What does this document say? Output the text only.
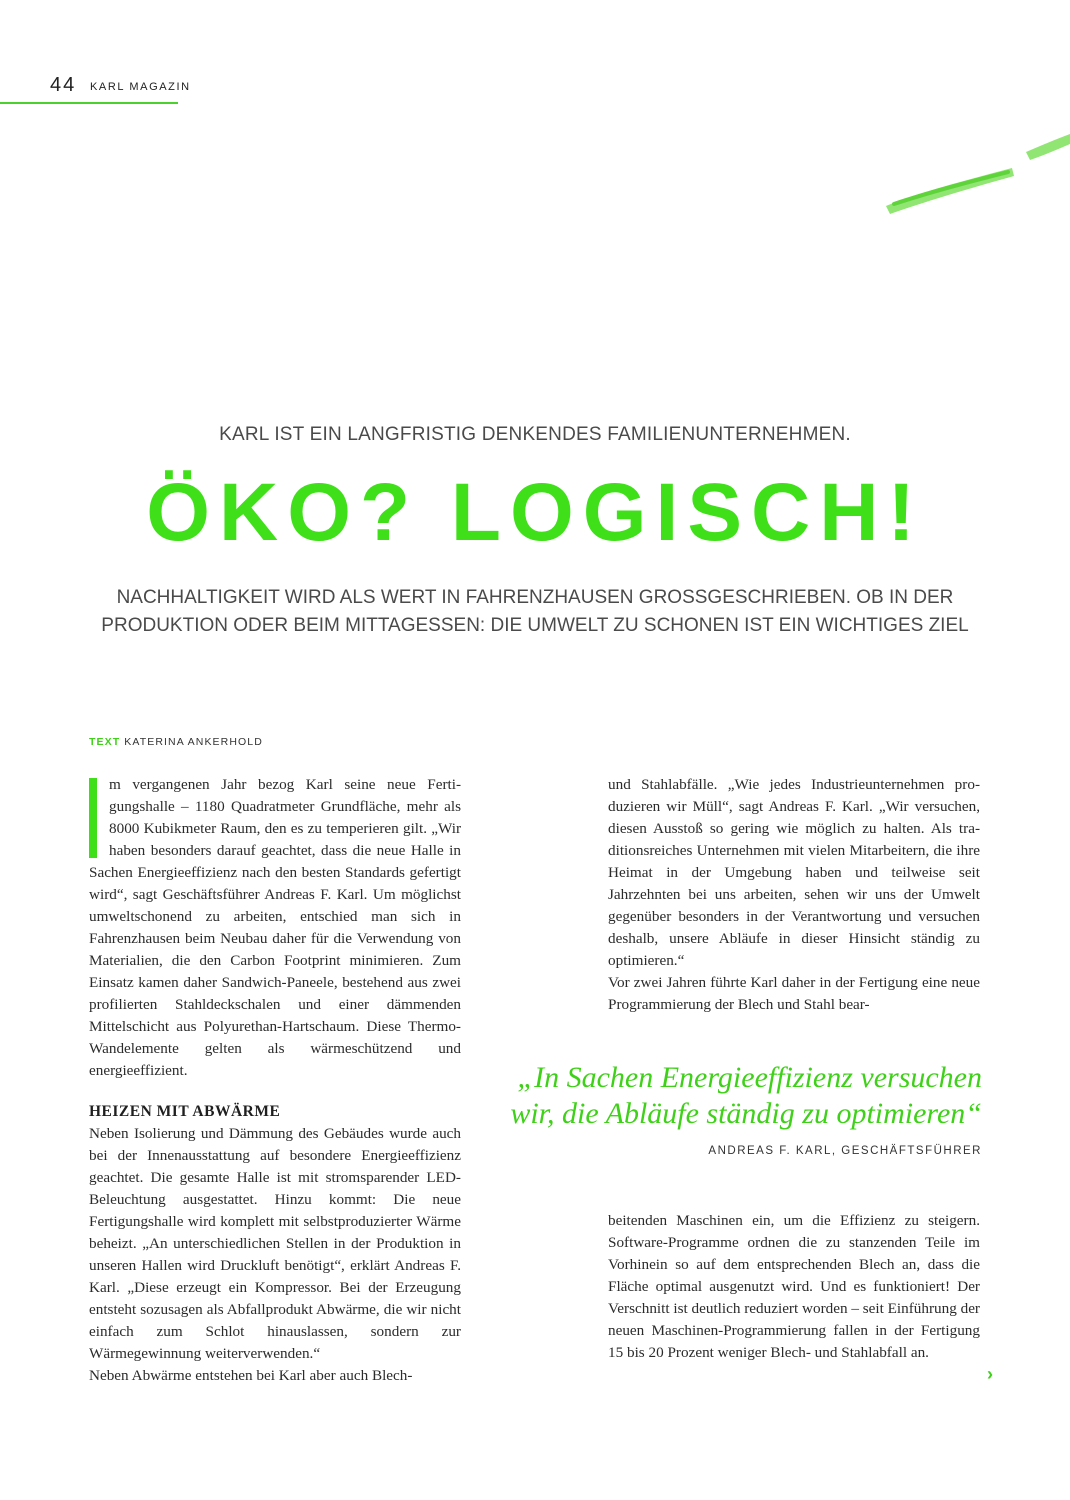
44 KARL MAGAZIN
KARL IST EIN LANGFRISTIG DENKENDES FAMILIENUNTERNEHMEN.
ÖKO? LOGISCH!
NACHHALTIGKEIT WIRD ALS WERT IN FAHRENZHAUSEN GROSSGESCHRIEBEN. OB IN DER PRODUKTION ODER BEIM MITTAGESSEN: DIE UMWELT ZU SCHONEN IST EIN WICHTIGES ZIEL
TEXT KATERINA ANKERHOLD

m vergangenen Jahr bezog Karl seine neue Fertigungshalle – 1180 Quadratmeter Grundfläche, mehr als 8000 Kubikmeter Raum, den es zu temperieren gilt. „Wir haben besonders darauf geachtet, dass die neue Halle in Sachen Energieeffizienz nach den besten Standards gefertigt wird“, sagt Geschäftsführer Andreas F. Karl. Um möglichst umweltschonend zu arbeiten, entschied man sich in Fahrenzhausen beim Neubau daher für die Verwendung von Materialien, die den Carbon Footprint minimieren. Zum Einsatz kamen daher Sandwich-Paneele, bestehend aus zwei profilierten Stahldeckschalen und einer dämmenden Mittelschicht aus Polyurethan-Hartschaum. Diese Thermo-Wandelemente gelten als wärmeschützend und energieeffizient.

HEIZEN MIT ABWÄRME

Neben Isolierung und Dämmung des Gebäudes wurde auch bei der Innenausstattung auf besondere Energieeffizienz geachtet. Die gesamte Halle ist mit stromsparender LED-Beleuchtung ausgestattet. Hinzu kommt: Die neue Fertigungshalle wird komplett mit selbstproduzierter Wärme beheizt. „An unterschiedlichen Stellen in der Produktion in unseren Hallen wird Druckluft benötigt“, erklärt Andreas F. Karl. „Diese erzeugt ein Kompressor. Bei der Erzeugung entsteht sozusagen als Abfallprodukt Abwärme, die wir nicht einfach zum Schlot hinauslassen, sondern zur Wärmegewinnung weiterverwenden.“

Neben Abwärme entstehen bei Karl aber auch Blech-

und Stahlabfälle. „Wie jedes Industrieunternehmen produzieren wir Müll“, sagt Andreas F. Karl. „Wir versuchen, diesen Ausstoß so gering wie möglich zu halten. Als traditionsreiches Unternehmen mit vielen Mitarbeitern, die ihre Heimat in der Umgebung haben und teilweise seit Jahrzehnten bei uns arbeiten, sehen wir uns der Umwelt gegenüber besonders in der Verantwortung und versuchen deshalb, unsere Abläufe in dieser Hinsicht ständig zu optimieren.“

Vor zwei Jahren führte Karl daher in der Fertigung eine neue Programmierung der Blech und Stahl bear-

„In Sachen Energieeffizienz versuchen wir, die Abläufe ständig zu optimieren“
ANDREAS F. KARL, GESCHÄFTSFÜHRER

beitenden Maschinen ein, um die Effizienz zu steigern. Software-Programme ordnen die zu stanzenden Teile im Vorhinein so auf dem entsprechenden Blech an, dass die Fläche optimal ausgenutzt wird. Und es funktioniert! Der Verschnitt ist deutlich reduziert worden – seit Einführung der neuen Maschinen-Programmierung fallen in der Fertigung 15 bis 20 Prozent weniger Blech- und Stahlabfall an.

›
